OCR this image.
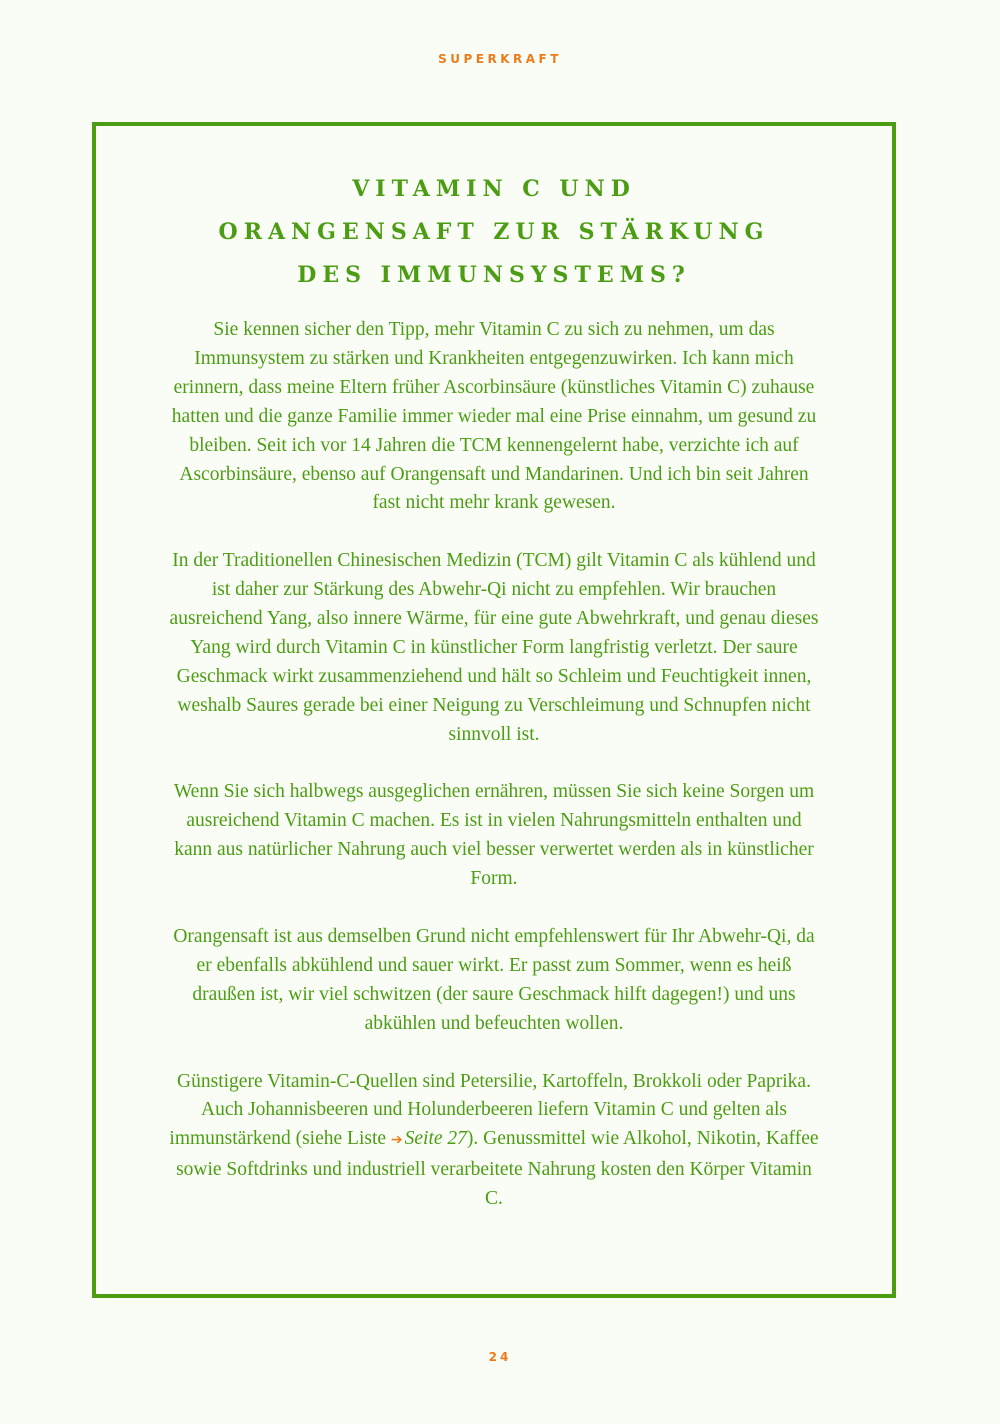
SUPERKRAFT
VITAMIN C UND
ORANGENSAFT ZUR STÄRKUNG
DES IMMUNSYSTEMS?

Sie kennen sicher den Tipp, mehr Vitamin C zu sich zu nehmen, um das Immunsystem zu stärken und Krankheiten entgegenzuwirken. Ich kann mich erinnern, dass meine Eltern früher Ascorbinsäure (künstliches Vitamin C) zuhause hatten und die ganze Familie immer wieder mal eine Prise einnahm, um gesund zu bleiben. Seit ich vor 14 Jahren die TCM kennengelernt habe, verzichte ich auf Ascorbinsäure, ebenso auf Orangensaft und Mandarinen. Und ich bin seit Jahren fast nicht mehr krank gewesen.

In der Traditionellen Chinesischen Medizin (TCM) gilt Vitamin C als kühlend und ist daher zur Stärkung des Abwehr-Qi nicht zu empfehlen. Wir brauchen ausreichend Yang, also innere Wärme, für eine gute Abwehrkraft, und genau dieses Yang wird durch Vitamin C in künstlicher Form langfristig verletzt. Der saure Geschmack wirkt zusammenziehend und hält so Schleim und Feuchtigkeit innen, weshalb Saures gerade bei einer Neigung zu Verschleimung und Schnupfen nicht sinnvoll ist.

Wenn Sie sich halbwegs ausgeglichen ernähren, müssen Sie sich keine Sorgen um ausreichend Vitamin C machen. Es ist in vielen Nahrungsmitteln enthalten und kann aus natürlicher Nahrung auch viel besser verwertet werden als in künstlicher Form.

Orangensaft ist aus demselben Grund nicht empfehlenswert für Ihr Abwehr-Qi, da er ebenfalls abkühlend und sauer wirkt. Er passt zum Sommer, wenn es heiß draußen ist, wir viel schwitzen (der saure Geschmack hilft dagegen!) und uns abkühlen und befeuchten wollen.

Günstigere Vitamin-C-Quellen sind Petersilie, Kartoffeln, Brokkoli oder Paprika. Auch Johannisbeeren und Holunderbeeren liefern Vitamin C und gelten als immunstärkend (siehe Liste ➔ Seite 27). Genussmittel wie Alkohol, Nikotin, Kaffee sowie Softdrinks und industriell verarbeitete Nahrung kosten den Körper Vitamin C.

24
